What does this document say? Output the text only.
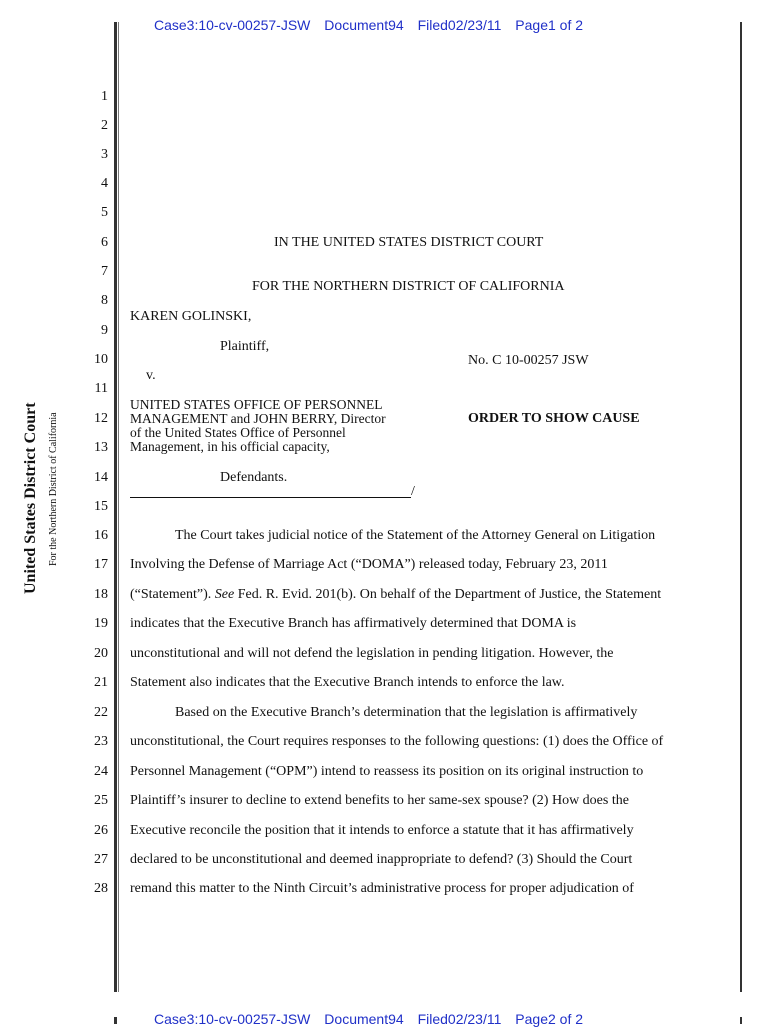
Case3:10-cv-00257-JSW Document94 Filed02/23/11 Page1 of 2
United States District Court For the Northern District of California
1
2
3
4
5
6
7
8
9
10
11
12
13
14
15
16
17
18
19
20
21
22
23
24
25
26
27
28
IN THE UNITED STATES DISTRICT COURT
FOR THE NORTHERN DISTRICT OF CALIFORNIA
KAREN GOLINSKI,
Plaintiff,
v.
UNITED STATES OFFICE OF PERSONNEL
MANAGEMENT and JOHN BERRY, Director
of the United States Office of Personnel
Management, in his official capacity,
Defendants.
/
No. C 10-00257 JSW
ORDER TO SHOW CAUSE
The Court takes judicial notice of the Statement of the Attorney General on Litigation
Involving the Defense of Marriage Act (“DOMA”) released today, February 23, 2011
(“Statement”). See Fed. R. Evid. 201(b). On behalf of the Department of Justice, the Statement
indicates that the Executive Branch has affirmatively determined that DOMA is
unconstitutional and will not defend the legislation in pending litigation. However, the
Statement also indicates that the Executive Branch intends to enforce the law.
Based on the Executive Branch’s determination that the legislation is affirmatively
unconstitutional, the Court requires responses to the following questions: (1) does the Office of
Personnel Management (“OPM”) intend to reassess its position on its original instruction to
Plaintiff’s insurer to decline to extend benefits to her same-sex spouse? (2) How does the
Executive reconcile the position that it intends to enforce a statute that it has affirmatively
declared to be unconstitutional and deemed inappropriate to defend? (3) Should the Court
remand this matter to the Ninth Circuit’s administrative process for proper adjudication of
Case3:10-cv-00257-JSW Document94 Filed02/23/11 Page2 of 2
